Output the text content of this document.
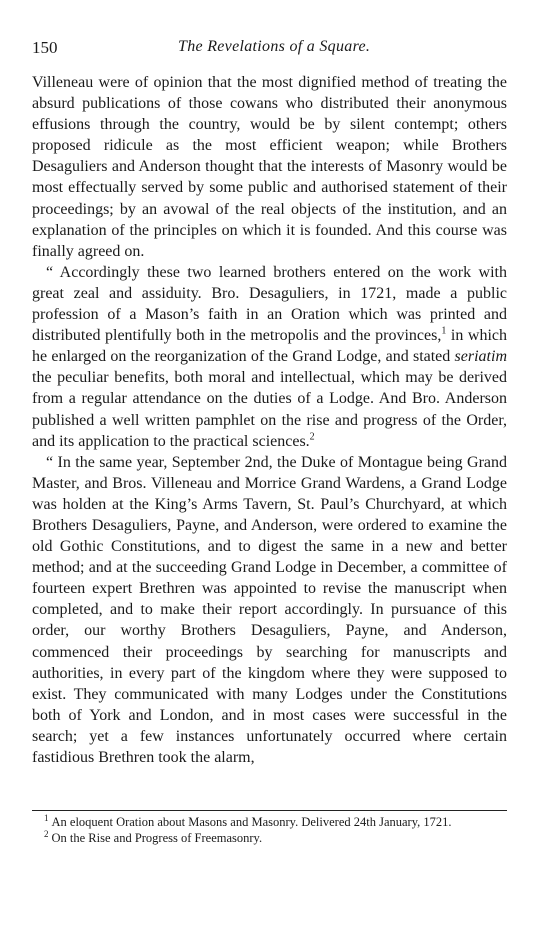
150	The Revelations of a Square.

Villeneau were of opinion that the most dignified method of treating the absurd publications of those cowans who distributed their anonymous effusions through the country, would be by silent contempt; others proposed ridicule as the most efficient weapon; while Brothers Desaguliers and Anderson thought that the interests of Masonry would be most effectually served by some public and authorised statement of their proceedings; by an avowal of the real objects of the institution, and an explanation of the principles on which it is founded. And this course was finally agreed on.

“ Accordingly these two learned brothers entered on the work with great zeal and assiduity. Bro. Desaguliers, in 1721, made a public profession of a Mason’s faith in an Oration which was printed and distributed plentifully both in the metropolis and the provinces,$^1$ in which he enlarged on the reorganization of the Grand Lodge, and stated seriatim the peculiar benefits, both moral and intellectual, which may be derived from a regular attendance on the duties of a Lodge. And Bro. Anderson published a well written pamphlet on the rise and progress of the Order, and its application to the practical sciences.$^2$

“ In the same year, September 2nd, the Duke of Montague being Grand Master, and Bros. Villeneau and Morrice Grand Wardens, a Grand Lodge was holden at the King’s Arms Tavern, St. Paul’s Churchyard, at which Brothers Desaguliers, Payne, and Anderson, were ordered to examine the old Gothic Constitutions, and to digest the same in a new and better method; and at the succeeding Grand Lodge in December, a committee of fourteen expert Brethren was appointed to revise the manuscript when completed, and to make their report accordingly. In pursuance of this order, our worthy Brothers Desaguliers, Payne, and Anderson, commenced their proceedings by searching for manuscripts and authorities, in every part of the kingdom where they were supposed to exist. They communicated with many Lodges under the Constitutions both of York and London, and in most cases were successful in the search; yet a few instances unfortunately occurred where certain fastidious Brethren took the alarm,

$^1$ An eloquent Oration about Masons and Masonry. Delivered 24th January, 1721.

$^2$ On the Rise and Progress of Freemasonry.
